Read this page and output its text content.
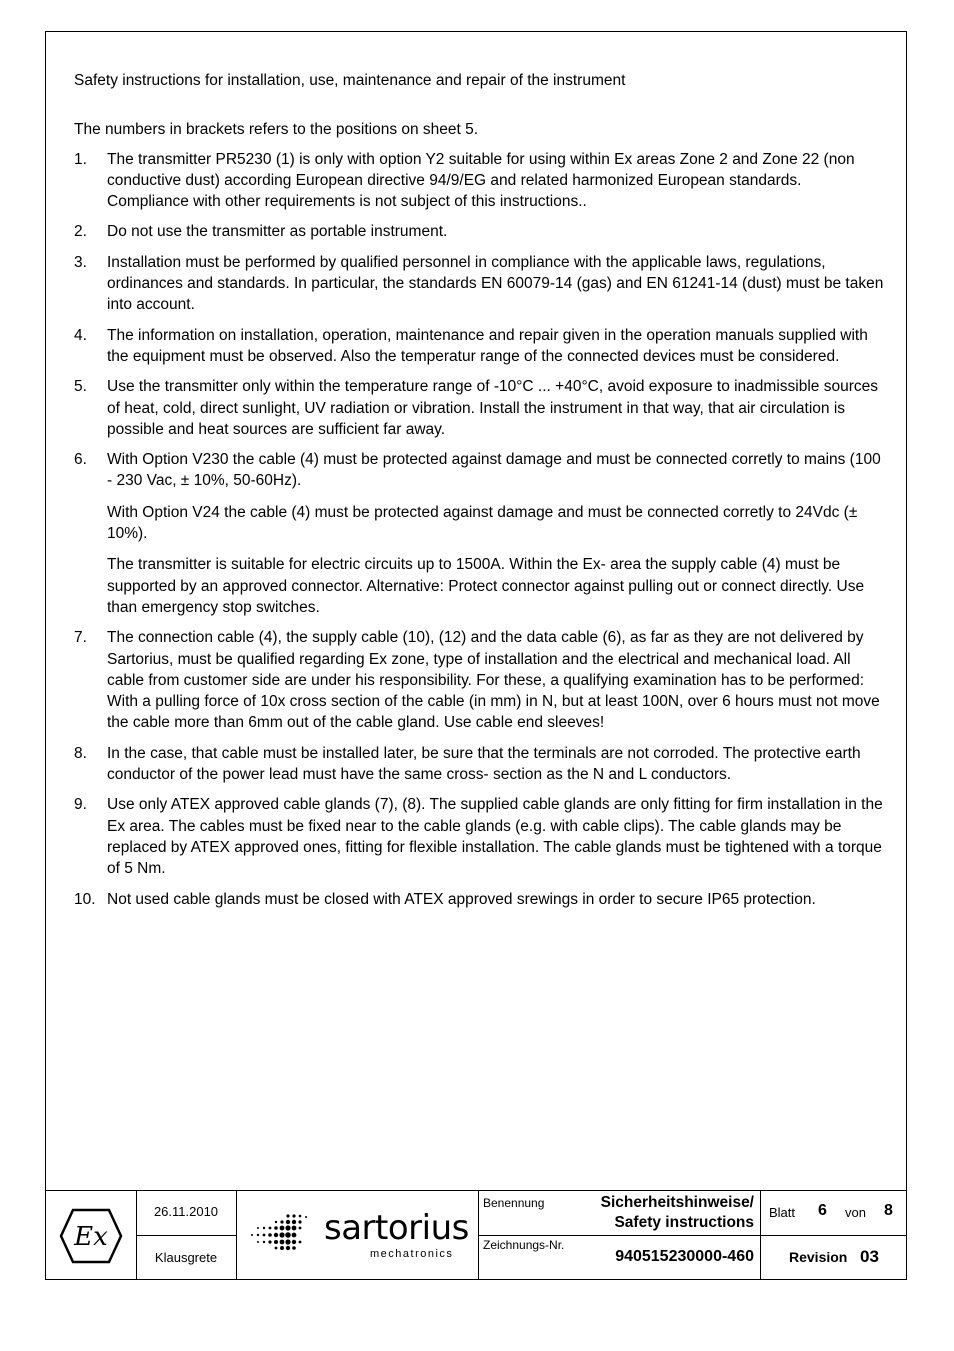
Safety instructions for installation, use, maintenance and repair of the instrument

The numbers in brackets refers to the positions on sheet 5.

1. The transmitter PR5230 (1) is only with option Y2 suitable for using within Ex areas Zone 2 and Zone 22 (non conductive dust) according European directive 94/9/EG and related harmonized European standards. Compliance with other requirements is not subject of this instructions..

2. Do not use the transmitter as portable instrument.

3. Installation must be performed by qualified personnel in compliance with the applicable laws, regulations, ordinances and standards. In particular, the standards EN 60079-14 (gas) and EN 61241-14 (dust) must be taken into account.

4. The information on installation, operation, maintenance and repair given in the operation manuals supplied with the equipment must be observed. Also the temperatur range of the connected devices must be considered.

5. Use the transmitter only within the temperature range of -10°C ... +40°C, avoid exposure to inadmissible sources of heat, cold, direct sunlight, UV radiation or vibration. Install the instrument in that way, that air circulation is possible and heat sources are sufficient far away.

6. With Option V230 the cable (4) must be protected against damage and must be connected corretly to mains (100 - 230 Vac, ± 10%, 50-60Hz).

With Option V24 the cable (4) must be protected against damage and must be connected corretly to 24Vdc (± 10%).

The transmitter is suitable for electric circuits up to 1500A. Within the Ex- area the supply cable (4) must be supported by an approved connector. Alternative: Protect connector against pulling out or connect directly. Use than emergency stop switches.

7. The connection cable (4), the supply cable (10), (12) and the data cable (6), as far as they are not delivered by Sartorius, must be qualified regarding Ex zone, type of installation and the electrical and mechanical load. All cable from customer side are under his responsibility. For these, a qualifying examination has to be performed: With a pulling force of 10x cross section of the cable (in mm) in N, but at least 100N, over 6 hours must not move the cable more than 6mm out of the cable gland. Use cable end sleeves!

8. In the case, that cable must be installed later, be sure that the terminals are not corroded. The protective earth conductor of the power lead must have the same cross- section as the N and L conductors.

9. Use only ATEX approved cable glands (7), (8). The supplied cable glands are only fitting for firm installation in the Ex area. The cables must be fixed near to the cable glands (e.g. with cable clips). The cable glands may be replaced by ATEX approved ones, fitting for flexible installation. The cable glands must be tightened with a torque of 5 Nm.

10. Not used cable glands must be closed with ATEX approved srewings in order to secure IP65 protection.

Ex
26.11.2010
Klausgrete
sartorius
mechatronics
Benennung	Sicherheitshinweise/
Safety instructions
Zeichnungs-Nr.
940515230000-460
Blatt 6 von 8
Revision 03
